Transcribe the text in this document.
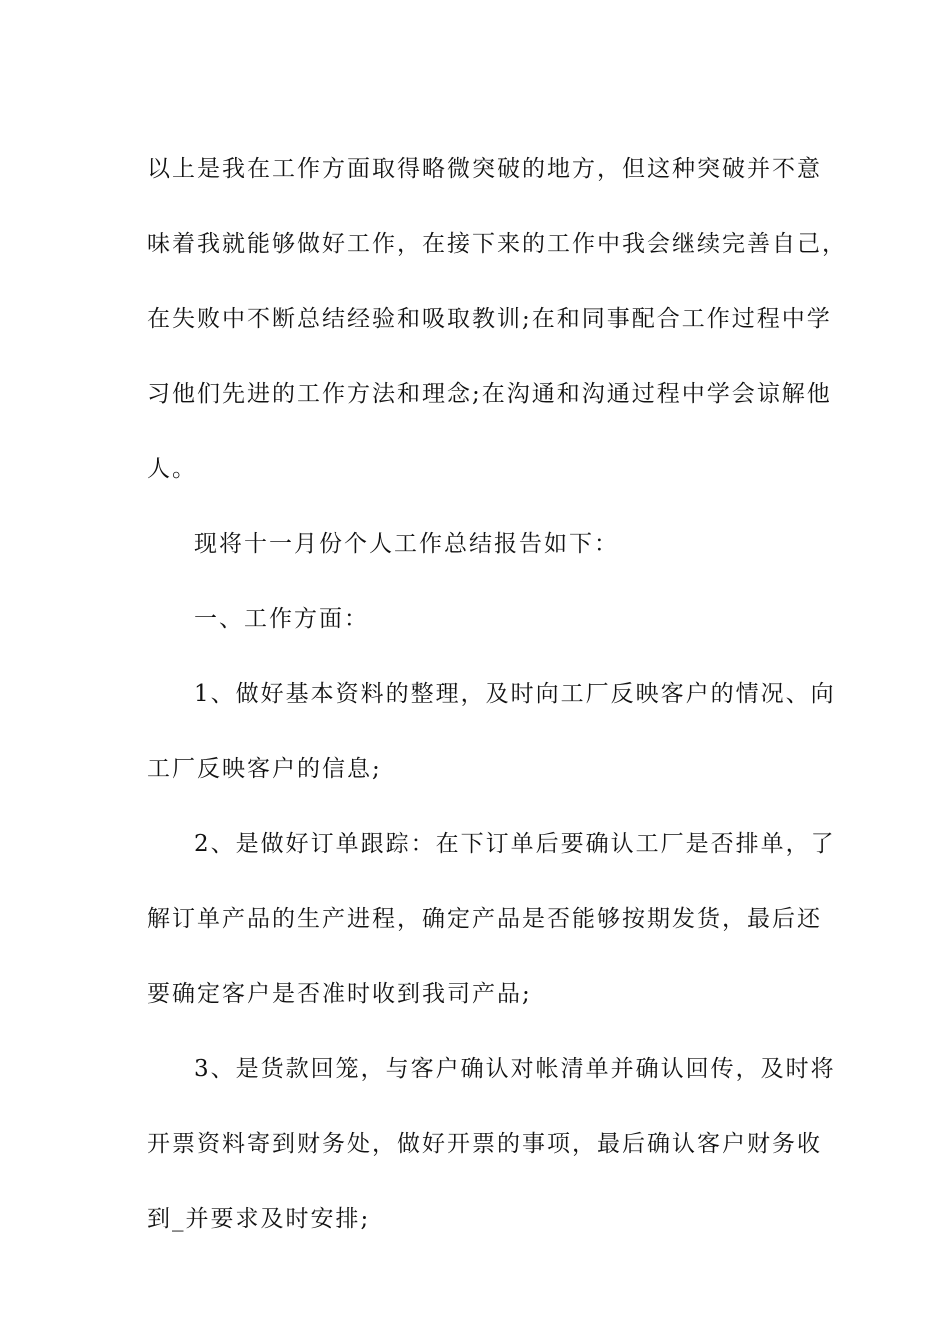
以上是我在工作方面取得略微突破的地方，但这种突破并不意
味着我就能够做好工作，在接下来的工作中我会继续完善自己，
在失败中不断总结经验和吸取教训;在和同事配合工作过程中学
习他们先进的工作方法和理念;在沟通和沟通过程中学会谅解他
人。
现将十一月份个人工作总结报告如下：
一、工作方面：
1、做好基本资料的整理，及时向工厂反映客户的情况、向
工厂反映客户的信息;
2、是做好订单跟踪：在下订单后要确认工厂是否排单，了
解订单产品的生产进程，确定产品是否能够按期发货，最后还
要确定客户是否准时收到我司产品;
3、是货款回笼，与客户确认对帐清单并确认回传，及时将
开票资料寄到财务处，做好开票的事项，最后确认客户财务收
到_并要求及时安排;
